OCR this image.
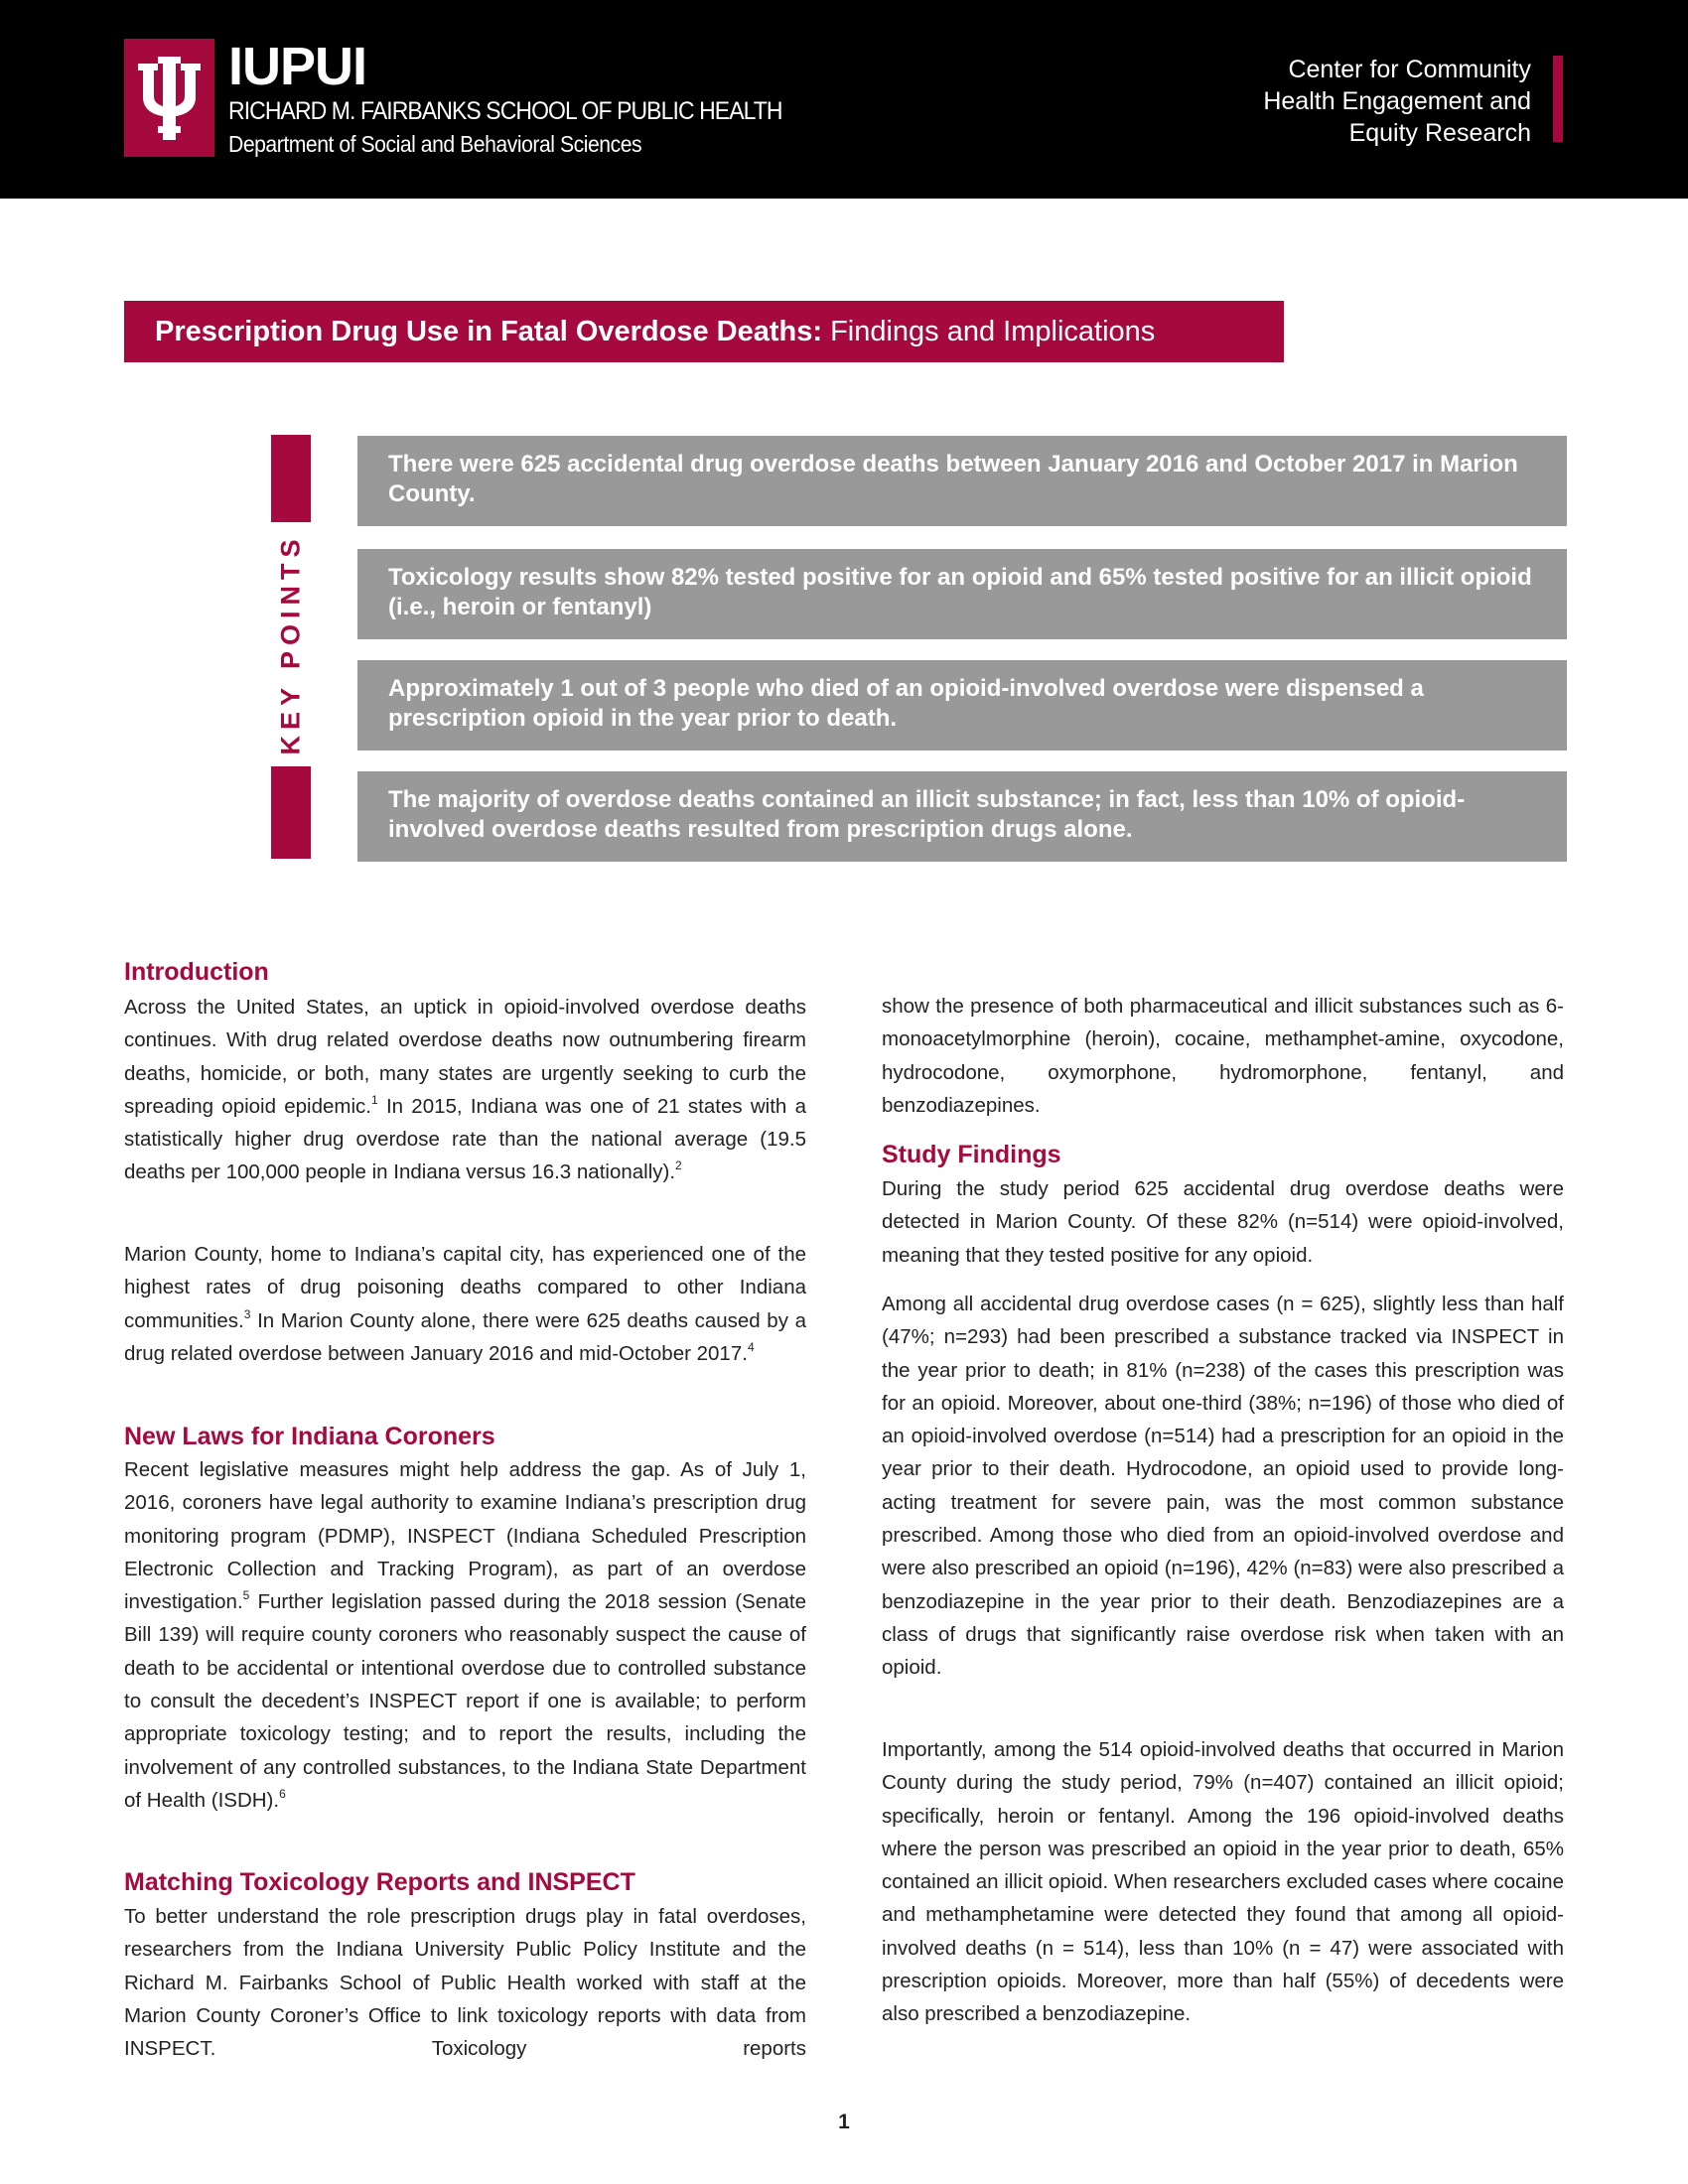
IUPUI
RICHARD M. FAIRBANKS SCHOOL OF PUBLIC HEALTH
Department of Social and Behavioral Sciences
Center for Community
Health Engagement and
Equity Research
Prescription Drug Use in Fatal Overdose Deaths: Findings and Implications
KEY POINTS
There were 625 accidental drug overdose deaths between January 2016 and October 2017 in Marion County.
Toxicology results show 82% tested positive for an opioid and 65% tested positive for an illicit opioid (i.e., heroin or fentanyl)
Approximately 1 out of 3 people who died of an opioid-involved overdose were dispensed a prescription opioid in the year prior to death.
The majority of overdose deaths contained an illicit substance; in fact, less than 10% of opioid-involved overdose deaths resulted from prescription drugs alone.
Introduction
Across the United States, an uptick in opioid-involved overdose deaths continues. With drug related overdose deaths now outnumbering firearm deaths, homicide, or both, many states are urgently seeking to curb the spreading opioid epidemic.$^1$ In 2015, Indiana was one of 21 states with a statistically higher drug overdose rate than the national average (19.5 deaths per 100,000 people in Indiana versus 16.3 nationally).$^2$
Marion County, home to Indiana’s capital city, has experienced one of the highest rates of drug poisoning deaths compared to other Indiana communities.$^3$ In Marion County alone, there were 625 deaths caused by a drug related overdose between January 2016 and mid-October 2017.$^4$
New Laws for Indiana Coroners
Recent legislative measures might help address the gap. As of July 1, 2016, coroners have legal authority to examine Indiana’s prescription drug monitoring program (PDMP), INSPECT (Indiana Scheduled Prescription Electronic Collection and Tracking Program), as part of an overdose investigation.$^5$ Further legislation passed during the 2018 session (Senate Bill 139) will require county coroners who reasonably suspect the cause of death to be accidental or intentional overdose due to controlled substance to consult the decedent’s INSPECT report if one is available; to perform appropriate toxicology testing; and to report the results, including the involvement of any controlled substances, to the Indiana State Department of Health (ISDH).$^6$
Matching Toxicology Reports and INSPECT
To better understand the role prescription drugs play in fatal overdoses, researchers from the Indiana University Public Policy Institute and the Richard M. Fairbanks School of Public Health worked with staff at the Marion County Coroner’s Office to link toxicology reports with data from INSPECT. Toxicology reports
show the presence of both pharmaceutical and illicit substances such as 6-monoacetylmorphine (heroin), cocaine, methamphet-amine, oxycodone, hydrocodone, oxymorphone, hydromorphone, fentanyl, and benzodiazepines.
Study Findings
During the study period 625 accidental drug overdose deaths were detected in Marion County. Of these 82% (n=514) were opioid-involved, meaning that they tested positive for any opioid.
Among all accidental drug overdose cases (n = 625), slightly less than half (47%; n=293) had been prescribed a substance tracked via INSPECT in the year prior to death; in 81% (n=238) of the cases this prescription was for an opioid. Moreover, about one-third (38%; n=196) of those who died of an opioid-involved overdose (n=514) had a prescription for an opioid in the year prior to their death. Hydrocodone, an opioid used to provide long-acting treatment for severe pain, was the most common substance prescribed. Among those who died from an opioid-involved overdose and were also prescribed an opioid (n=196), 42% (n=83) were also prescribed a benzodiazepine in the year prior to their death. Benzodiazepines are a class of drugs that significantly raise overdose risk when taken with an opioid.
Importantly, among the 514 opioid-involved deaths that occurred in Marion County during the study period, 79% (n=407) contained an illicit opioid; specifically, heroin or fentanyl. Among the 196 opioid-involved deaths where the person was prescribed an opioid in the year prior to death, 65% contained an illicit opioid. When researchers excluded cases where cocaine and methamphetamine were detected they found that among all opioid-involved deaths (n = 514), less than 10% (n = 47) were associated with prescription opioids. Moreover, more than half (55%) of decedents were also prescribed a benzodiazepine.
1
